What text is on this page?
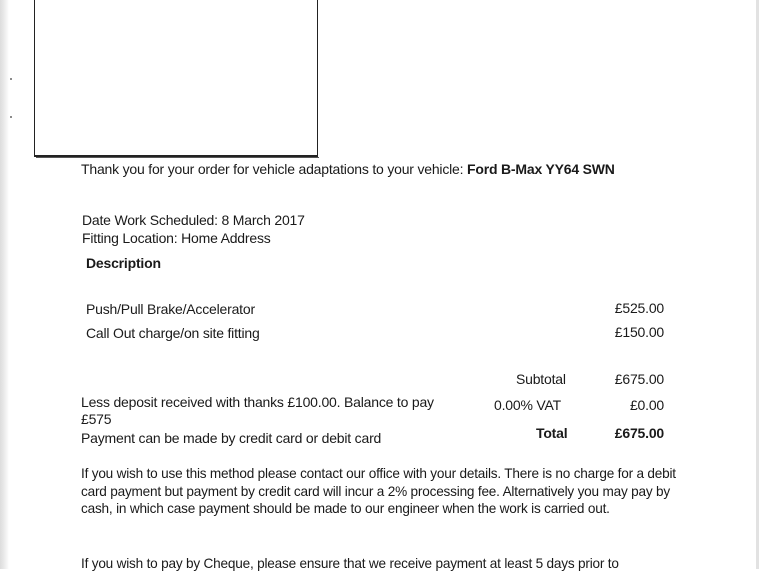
Thank you for your order for vehicle adaptations to your vehicle: Ford B-Max YY64 SWN
Date Work Scheduled: 8 March 2017
Fitting Location: Home Address
Description
Push/Pull Brake/Accelerator	£525.00
Call Out charge/on site fitting	£150.00
Subtotal	£675.00
Less deposit received with thanks £100.00. Balance to pay
£575
Payment can be made by credit card or debit card
0.00% VAT	£0.00
Total	£675.00
If you wish to use this method please contact our office with your details. There is no charge for a debit card payment but payment by credit card will incur a 2% processing fee. Alternatively you may pay by cash, in which case payment should be made to our engineer when the work is carried out.
If you wish to pay by Cheque, please ensure that we receive payment at least 5 days prior to
